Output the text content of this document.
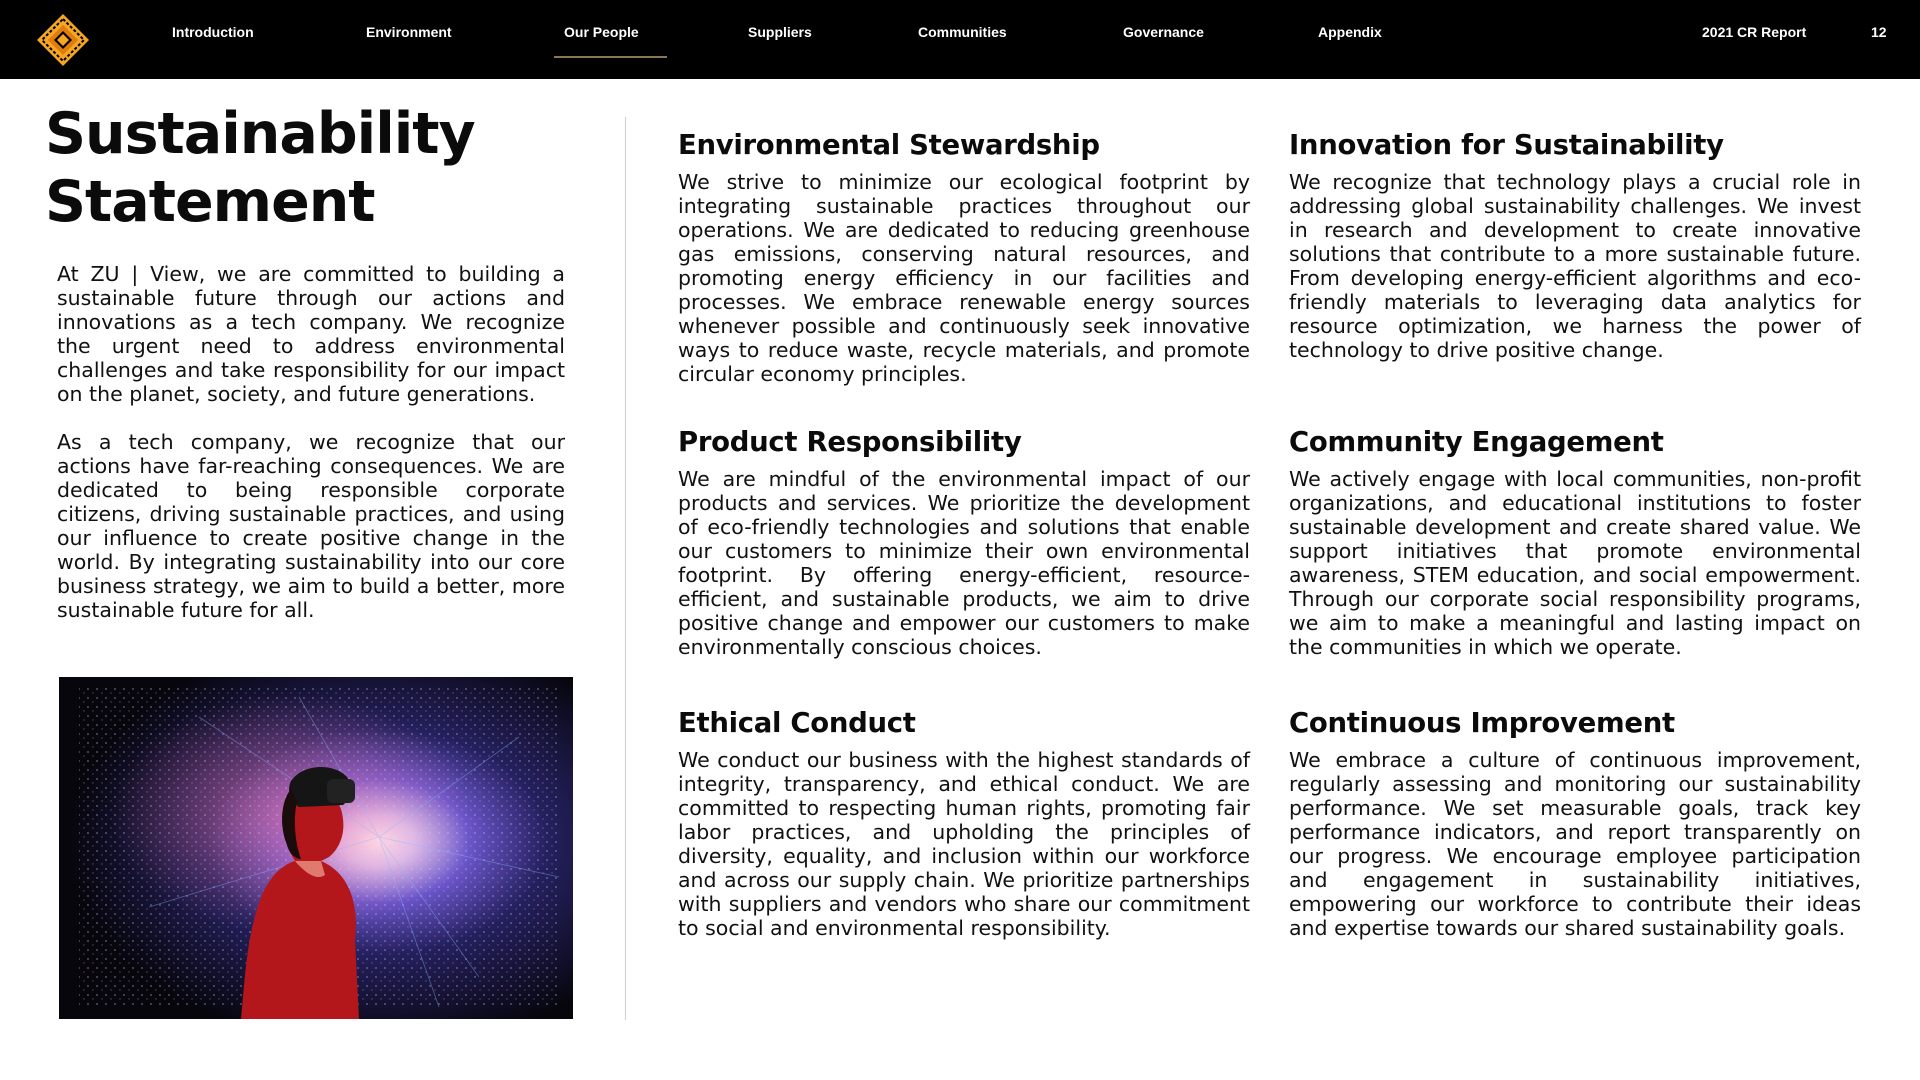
Introduction	Environment	Our People	Suppliers	Communities	Governance	Appendix	2021 CR Report	12
Sustainability
Statement

At ZU | View, we are committed to building a sustainable future through our actions and innovations as a tech company. We recognize the urgent need to address environmental challenges and take responsibility for our impact on the planet, society, and future generations.

As a tech company, we recognize that our actions have far-reaching consequences. We are dedicated to being responsible corporate citizens, driving sustainable practices, and using our influence to create positive change in the world. By integrating sustainability into our core business strategy, we aim to build a better, more sustainable future for all.

Environmental Stewardship

We strive to minimize our ecological footprint by integrating sustainable practices throughout our operations. We are dedicated to reducing greenhouse gas emissions, conserving natural resources, and promoting energy efficiency in our facilities and processes. We embrace renewable energy sources whenever possible and continuously seek innovative ways to reduce waste, recycle materials, and promote circular economy principles.

Innovation for Sustainability

We recognize that technology plays a crucial role in addressing global sustainability challenges. We invest in research and development to create innovative solutions that contribute to a more sustainable future. From developing energy-efficient algorithms and eco-friendly materials to leveraging data analytics for resource optimization, we harness the power of technology to drive positive change.

Product Responsibility

We are mindful of the environmental impact of our products and services. We prioritize the development of eco-friendly technologies and solutions that enable our customers to minimize their own environmental footprint. By offering energy-efficient, resource-efficient, and sustainable products, we aim to drive positive change and empower our customers to make environmentally conscious choices.

Community Engagement

We actively engage with local communities, non-profit organizations, and educational institutions to foster sustainable development and create shared value. We support initiatives that promote environmental awareness, STEM education, and social empowerment. Through our corporate social responsibility programs, we aim to make a meaningful and lasting impact on the communities in which we operate.

Ethical Conduct

We conduct our business with the highest standards of integrity, transparency, and ethical conduct. We are committed to respecting human rights, promoting fair labor practices, and upholding the principles of diversity, equality, and inclusion within our workforce and across our supply chain. We prioritize partnerships with suppliers and vendors who share our commitment to social and environmental responsibility.

Continuous Improvement

We embrace a culture of continuous improvement, regularly assessing and monitoring our sustainability performance. We set measurable goals, track key performance indicators, and report transparently on our progress. We encourage employee participation and engagement in sustainability initiatives, empowering our workforce to contribute their ideas and expertise towards our shared sustainability goals.
